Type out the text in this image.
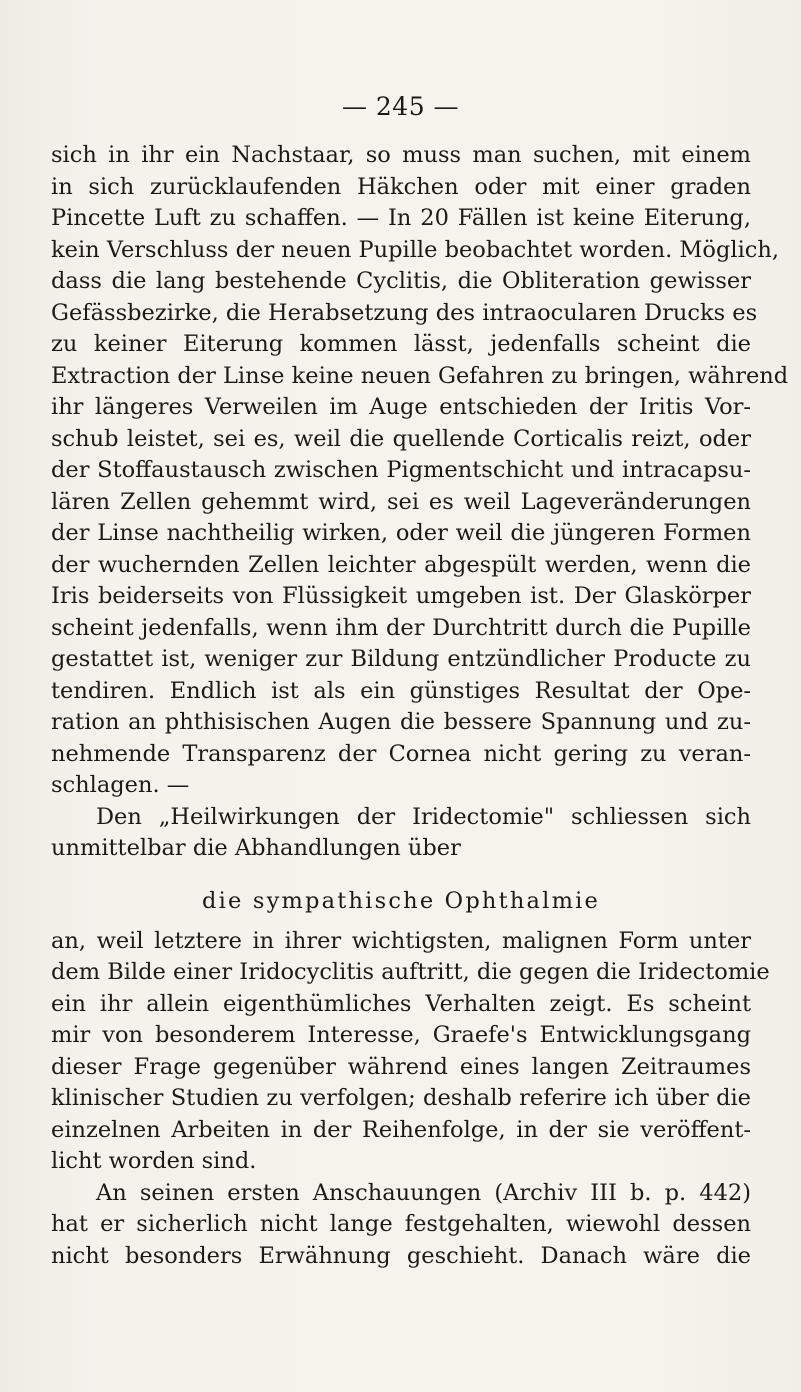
— 245 —
sich in ihr ein Nachstaar, so muss man suchen, mit einem
in sich zurücklaufenden Häkchen oder mit einer graden
Pincette Luft zu schaffen. — In 20 Fällen ist keine Eiterung,
kein Verschluss der neuen Pupille beobachtet worden. Möglich,
dass die lang bestehende Cyclitis, die Obliteration gewisser
Gefässbezirke, die Herabsetzung des intraocularen Drucks es
zu keiner Eiterung kommen lässt, jedenfalls scheint die
Extraction der Linse keine neuen Gefahren zu bringen, während
ihr längeres Verweilen im Auge entschieden der Iritis Vor-
schub leistet, sei es, weil die quellende Corticalis reizt, oder
der Stoffaustausch zwischen Pigmentschicht und intracapsu-
lären Zellen gehemmt wird, sei es weil Lageveränderungen
der Linse nachtheilig wirken, oder weil die jüngeren Formen
der wuchernden Zellen leichter abgespült werden, wenn die
Iris beiderseits von Flüssigkeit umgeben ist. Der Glaskörper
scheint jedenfalls, wenn ihm der Durchtritt durch die Pupille
gestattet ist, weniger zur Bildung entzündlicher Producte zu
tendiren. Endlich ist als ein günstiges Resultat der Ope-
ration an phthisischen Augen die bessere Spannung und zu-
nehmende Transparenz der Cornea nicht gering zu veran-
schlagen. —
Den „Heilwirkungen der Iridectomie" schliessen sich
unmittelbar die Abhandlungen über
die sympathische Ophthalmie
an, weil letztere in ihrer wichtigsten, malignen Form unter
dem Bilde einer Iridocyclitis auftritt, die gegen die Iridectomie
ein ihr allein eigenthümliches Verhalten zeigt. Es scheint
mir von besonderem Interesse, Graefe's Entwicklungsgang
dieser Frage gegenüber während eines langen Zeitraumes
klinischer Studien zu verfolgen; deshalb referire ich über die
einzelnen Arbeiten in der Reihenfolge, in der sie veröffent-
licht worden sind.
An seinen ersten Anschauungen (Archiv III b. p. 442)
hat er sicherlich nicht lange festgehalten, wiewohl dessen
nicht besonders Erwähnung geschieht. Danach wäre die
